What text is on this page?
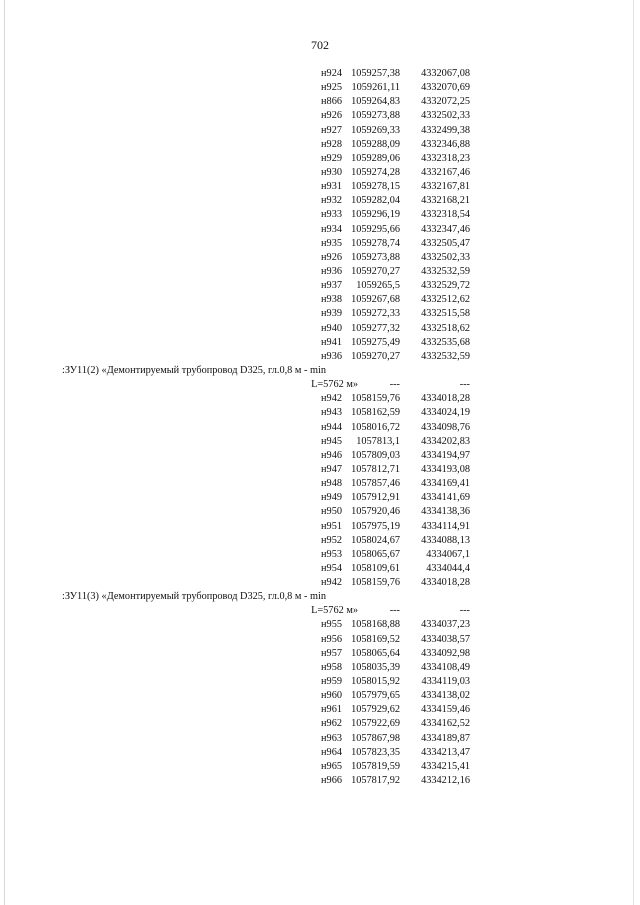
702
н924 1059257,38 4332067,08
н925 1059261,11 4332070,69
н866 1059264,83 4332072,25
н926 1059273,88 4332502,33
н927 1059269,33 4332499,38
н928 1059288,09 4332346,88
н929 1059289,06 4332318,23
н930 1059274,28 4332167,46
н931 1059278,15 4332167,81
н932 1059282,04 4332168,21
н933 1059296,19 4332318,54
н934 1059295,66 4332347,46
н935 1059278,74 4332505,47
н926 1059273,88 4332502,33
н936 1059270,27 4332532,59
н937 1059265,5 4332529,72
н938 1059267,68 4332512,62
н939 1059272,33 4332515,58
н940 1059277,32 4332518,62
н941 1059275,49 4332535,68
н936 1059270,27 4332532,59
:ЗУ11(2) «Демонтируемый трубопровод D325, гл.0,8 м - min
L=5762 м»	---	---
н942 1058159,76 4334018,28
н943 1058162,59 4334024,19
н944 1058016,72 4334098,76
н945 1057813,1 4334202,83
н946 1057809,03 4334194,97
н947 1057812,71 4334193,08
н948 1057857,46 4334169,41
н949 1057912,91 4334141,69
н950 1057920,46 4334138,36
н951 1057975,19 4334114,91
н952 1058024,67 4334088,13
н953 1058065,67	4334067,1
н954 1058109,61	4334044,4
н942 1058159,76 4334018,28
:ЗУ11(3) «Демонтируемый трубопровод D325, гл.0,8 м - min
L=5762 м»	---	---
н955 1058168,88 4334037,23
н956 1058169,52 4334038,57
н957 1058065,64 4334092,98
н958 1058035,39 4334108,49
н959 1058015,92 4334119,03
н960 1057979,65 4334138,02
н961 1057929,62 4334159,46
н962 1057922,69 4334162,52
н963 1057867,98 4334189,87
н964 1057823,35 4334213,47
н965 1057819,59 4334215,41
н966 1057817,92 4334212,16
